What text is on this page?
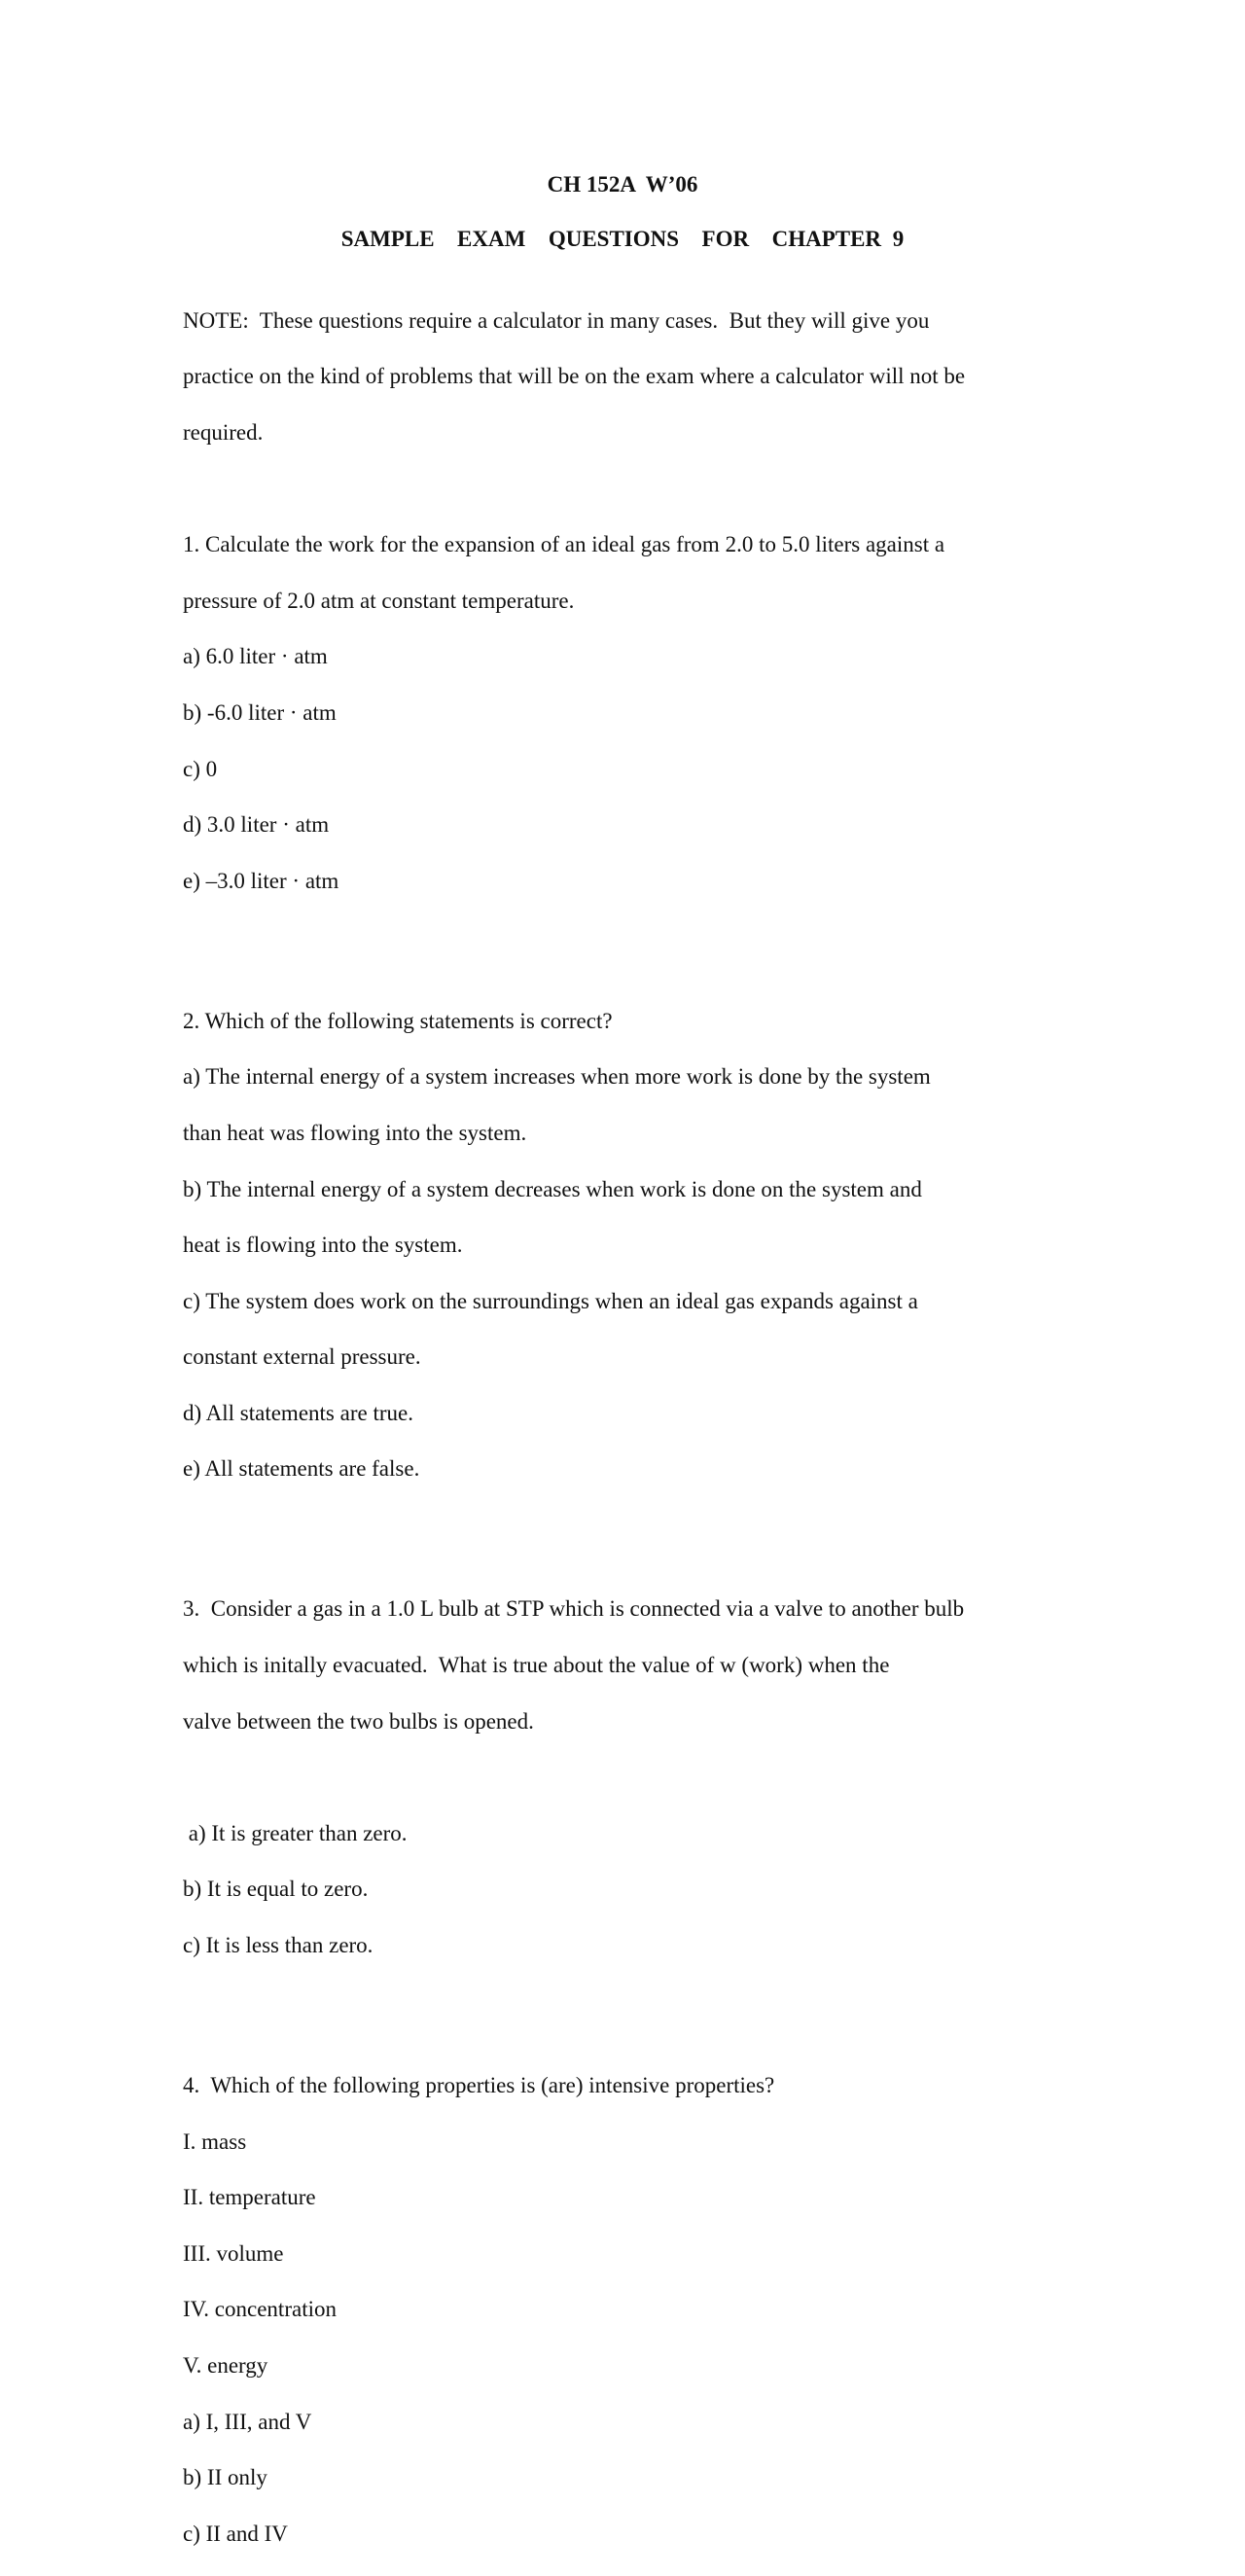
CH 152A  W’06
SAMPLE  EXAM  QUESTIONS  FOR  CHAPTER 9

NOTE:  These questions require a calculator in many cases.  But they will give you

practice on the kind of problems that will be on the exam where a calculator will not be

required.

1. Calculate the work for the expansion of an ideal gas from 2.0 to 5.0 liters against a

pressure of 2.0 atm at constant temperature.

a) 6.0 liter · atm

b) -6.0 liter · atm

c) 0

d) 3.0 liter · atm

e) –3.0 liter · atm

2. Which of the following statements is correct?

a) The internal energy of a system increases when more work is done by the system

than heat was flowing into the system.

b) The internal energy of a system decreases when work is done on the system and

heat is flowing into the system.

c) The system does work on the surroundings when an ideal gas expands against a

constant external pressure.

d) All statements are true.

e) All statements are false.

3.  Consider a gas in a 1.0 L bulb at STP which is connected via a valve to another bulb

which is initally evacuated.  What is true about the value of w (work) when the

valve between the two bulbs is opened.

a) It is greater than zero.

b) It is equal to zero.

c) It is less than zero.

4.  Which of the following properties is (are) intensive properties?

I. mass

II. temperature

III. volume

IV. concentration

V. energy

a) I, III, and V

b) II only

c) II and IV
